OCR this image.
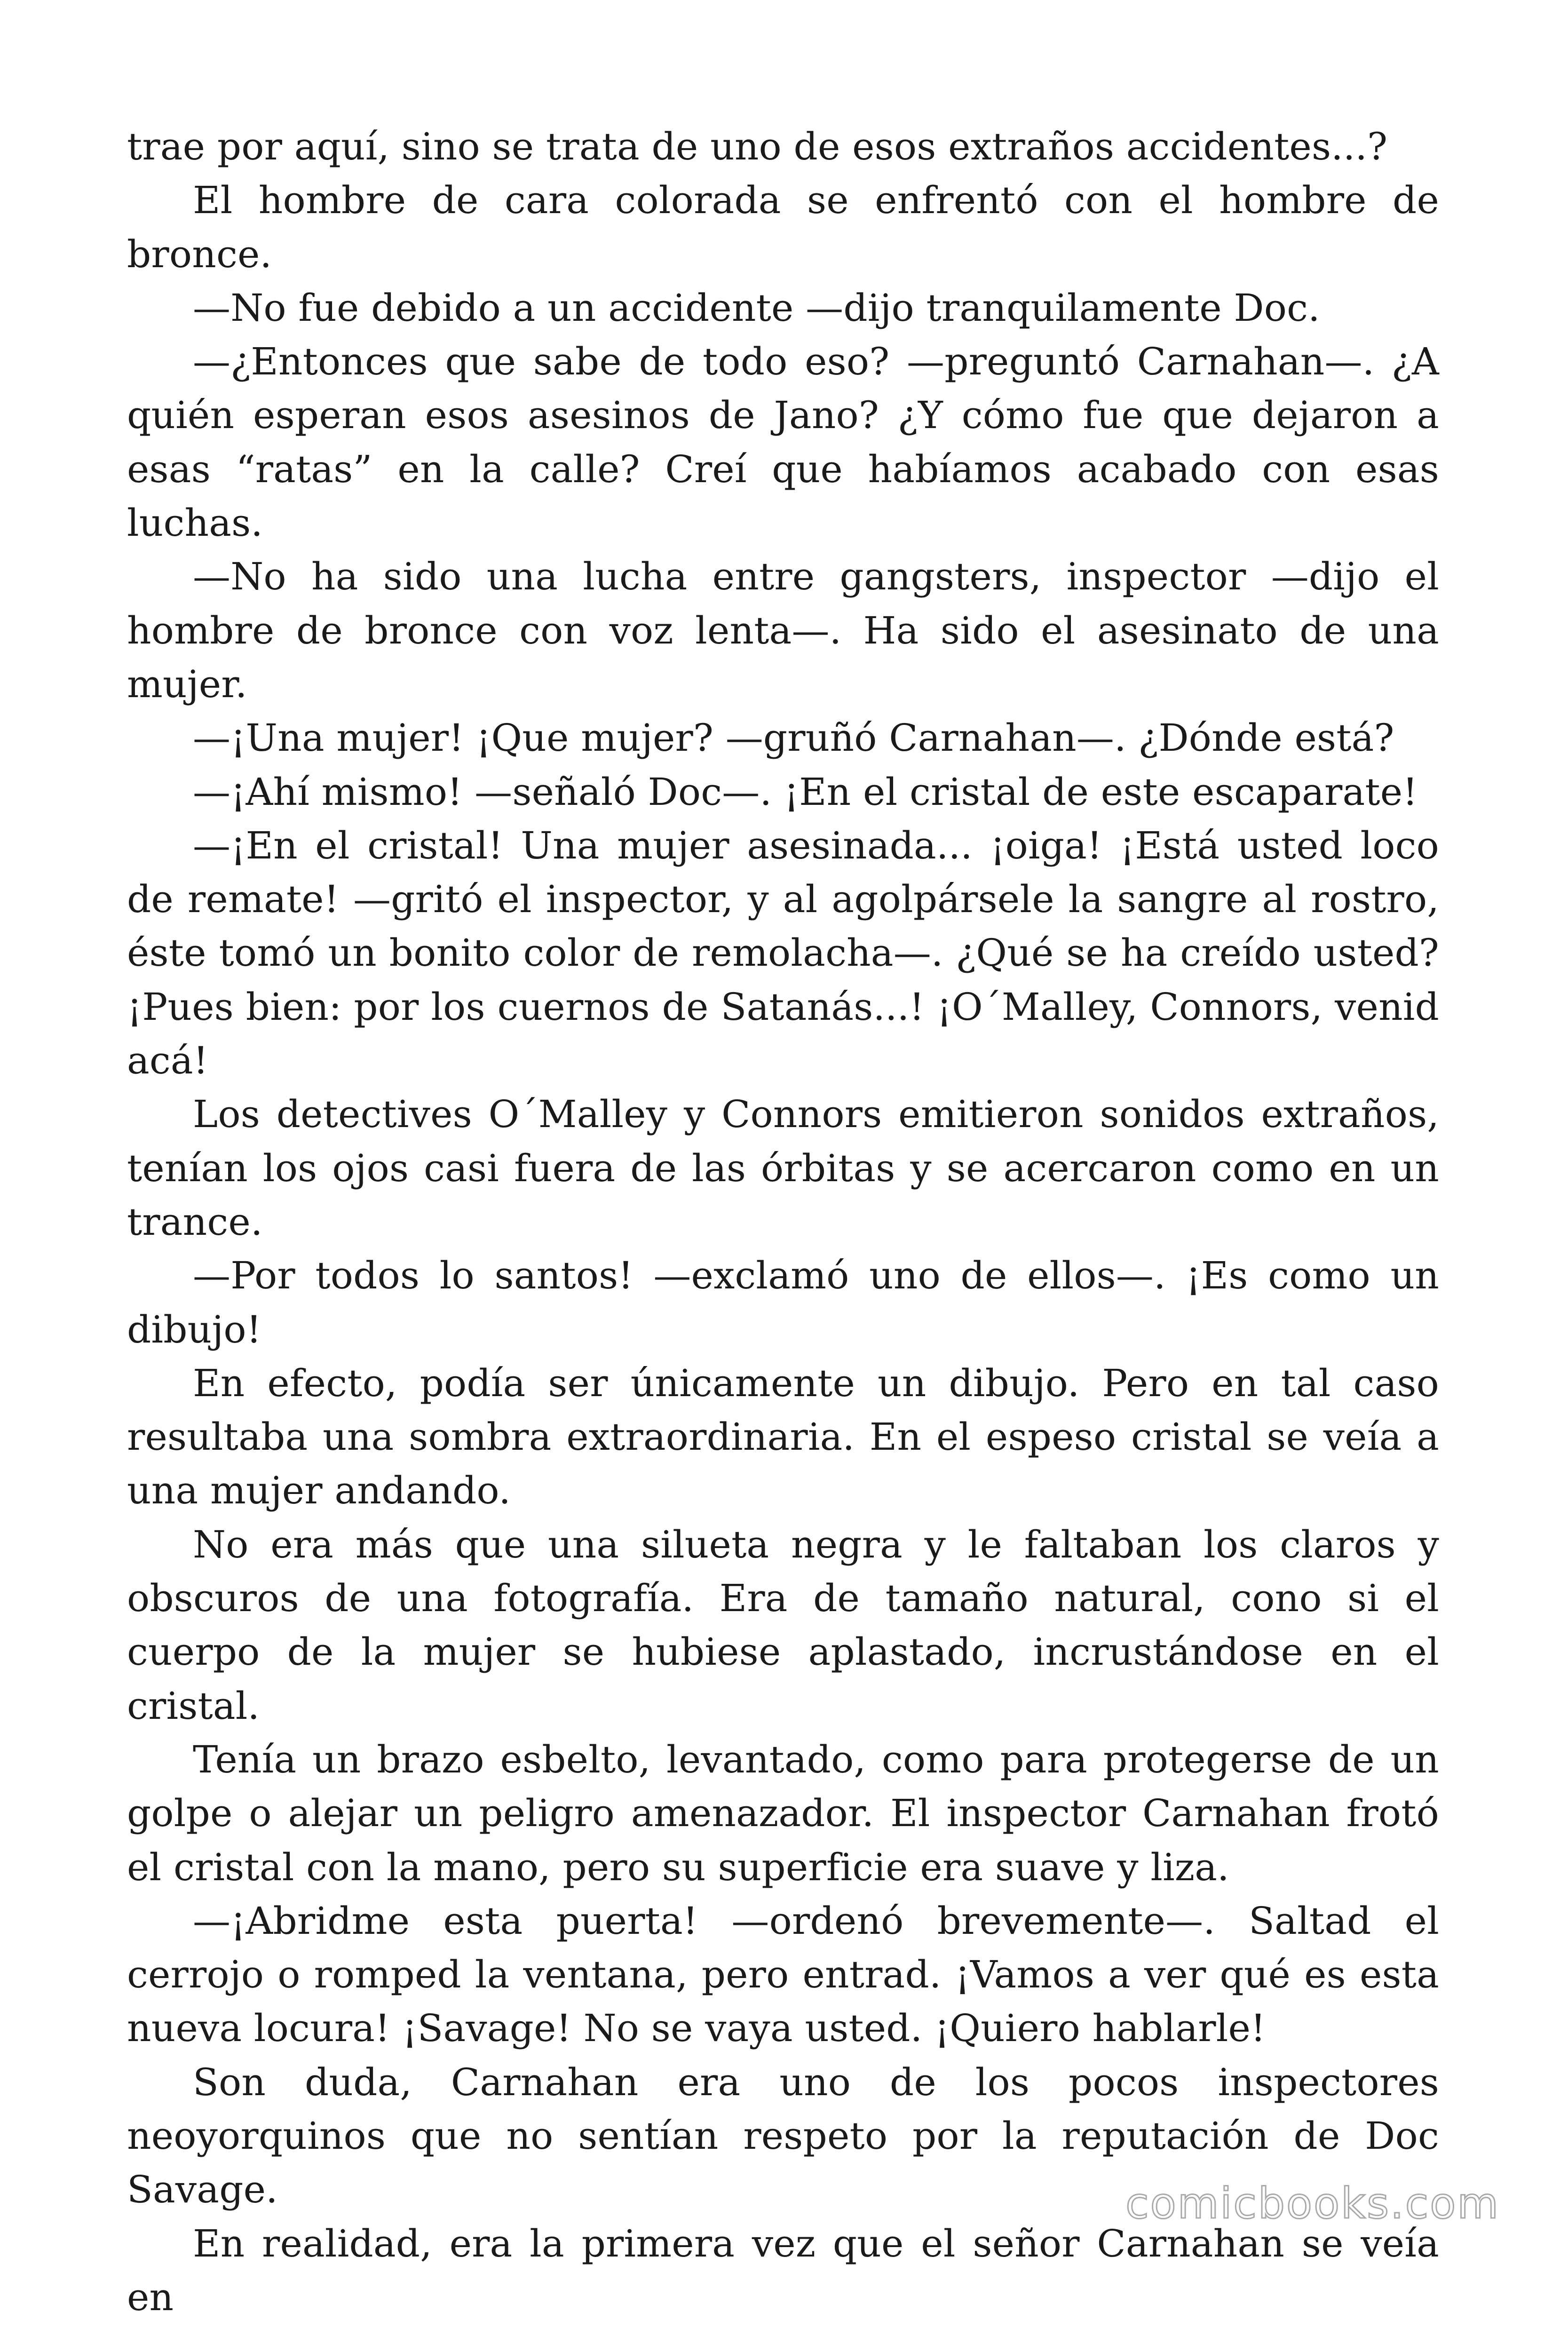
trae por aquí, sino se trata de uno de esos extraños accidentes...?

El hombre de cara colorada se enfrentó con el hombre de bronce.

—No fue debido a un accidente —dijo tranquilamente Doc.

—¿Entonces que sabe de todo eso? —preguntó Carnahan—. ¿A quién esperan esos asesinos de Jano? ¿Y cómo fue que dejaron a esas “ratas” en la calle? Creí que habíamos acabado con esas luchas.

—No ha sido una lucha entre gangsters, inspector —dijo el hombre de bronce con voz lenta—. Ha sido el asesinato de una mujer.

—¡Una mujer! ¡Que mujer? —gruñó Carnahan—. ¿Dónde está?

—¡Ahí mismo! —señaló Doc—. ¡En el cristal de este escaparate!

—¡En el cristal! Una mujer asesinada... ¡oiga! ¡Está usted loco de remate! —gritó el inspector, y al agolpársele la sangre al rostro, éste tomó un bonito color de remolacha—. ¿Qué se ha creído usted? ¡Pues bien: por los cuernos de Satanás...! ¡O´Malley, Connors, venid acá!

Los detectives O´Malley y Connors emitieron sonidos extraños, tenían los ojos casi fuera de las órbitas y se acercaron como en un trance.

—Por todos lo santos! —exclamó uno de ellos—. ¡Es como un dibujo!

En efecto, podía ser únicamente un dibujo. Pero en tal caso resultaba una sombra extraordinaria. En el espeso cristal se veía a una mujer andando.

No era más que una silueta negra y le faltaban los claros y obscuros de una fotografía. Era de tamaño natural, cono si el cuerpo de la mujer se hubiese aplastado, incrustándose en el cristal.

Tenía un brazo esbelto, levantado, como para protegerse de un golpe o alejar un peligro amenazador. El inspector Carnahan frotó el cristal con la mano, pero su superficie era suave y liza.

—¡Abridme esta puerta! —ordenó brevemente—. Saltad el cerrojo o romped la ventana, pero entrad. ¡Vamos a ver qué es esta nueva locura! ¡Savage! No se vaya usted. ¡Quiero hablarle!

Son duda, Carnahan era uno de los pocos inspectores neoyorquinos que no sentían respeto por la reputación de Doc Savage.

En realidad, era la primera vez que el señor Carnahan se veía en

comicbooks.com
